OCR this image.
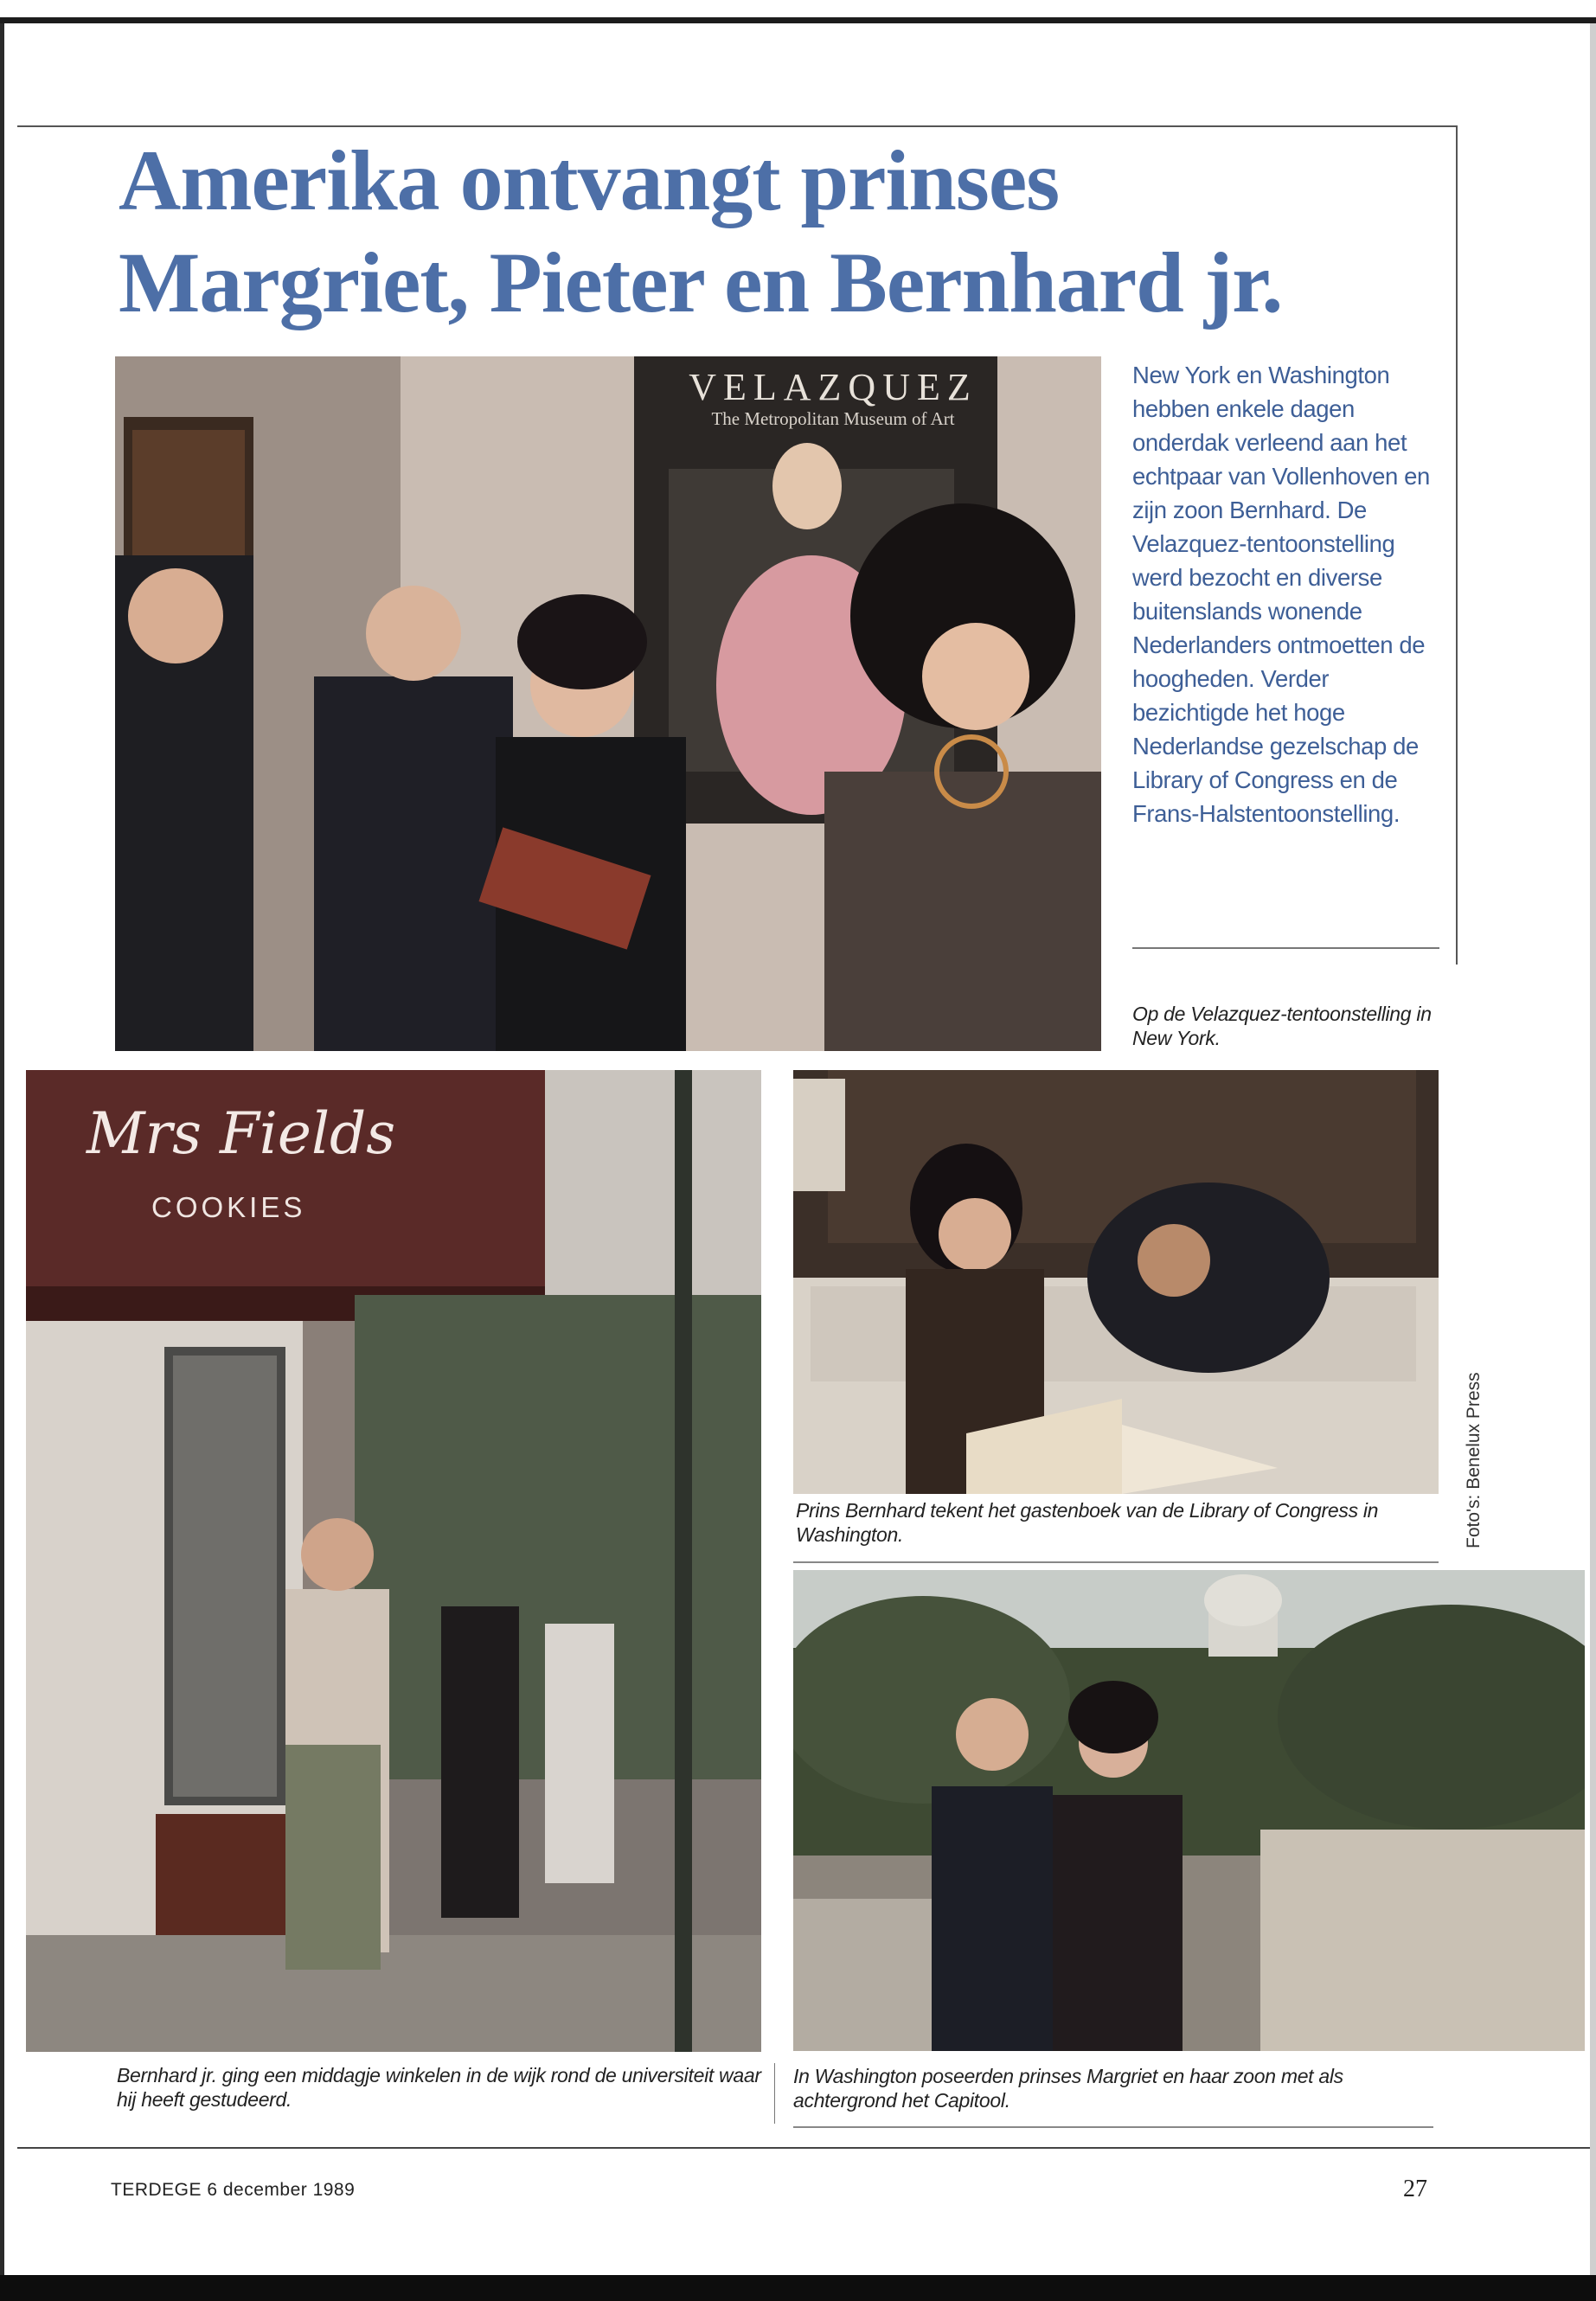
Amerika ontvangt prinses
Margriet, Pieter en Bernhard jr.
VELAZQUEZ
The Metropolitan Museum of Art

New York en Washington hebben enkele dagen onderdak verleend aan het echtpaar van Vollenhoven en zijn zoon Bernhard. De Velazquez-tentoonstelling werd bezocht en diverse buitenslands wonende Nederlanders ontmoetten de hoogheden. Verder bezichtigde het hoge Nederlandse gezelschap de Library of Congress en de Frans-Halstentoonstelling.

Op de Velazquez-tentoonstelling in New York.

Mrs Fields
COOKIES

Bernhard jr. ging een middagje winkelen in de wijk rond de universiteit waar hij heeft gestudeerd.

Prins Bernhard tekent het gastenboek van de Library of Congress in Washington.	Foto's: Benelux Press

In Washington poseerden prinses Margriet en haar zoon met als achtergrond het Capitool.

TERDEGE 6 december 1989	27
